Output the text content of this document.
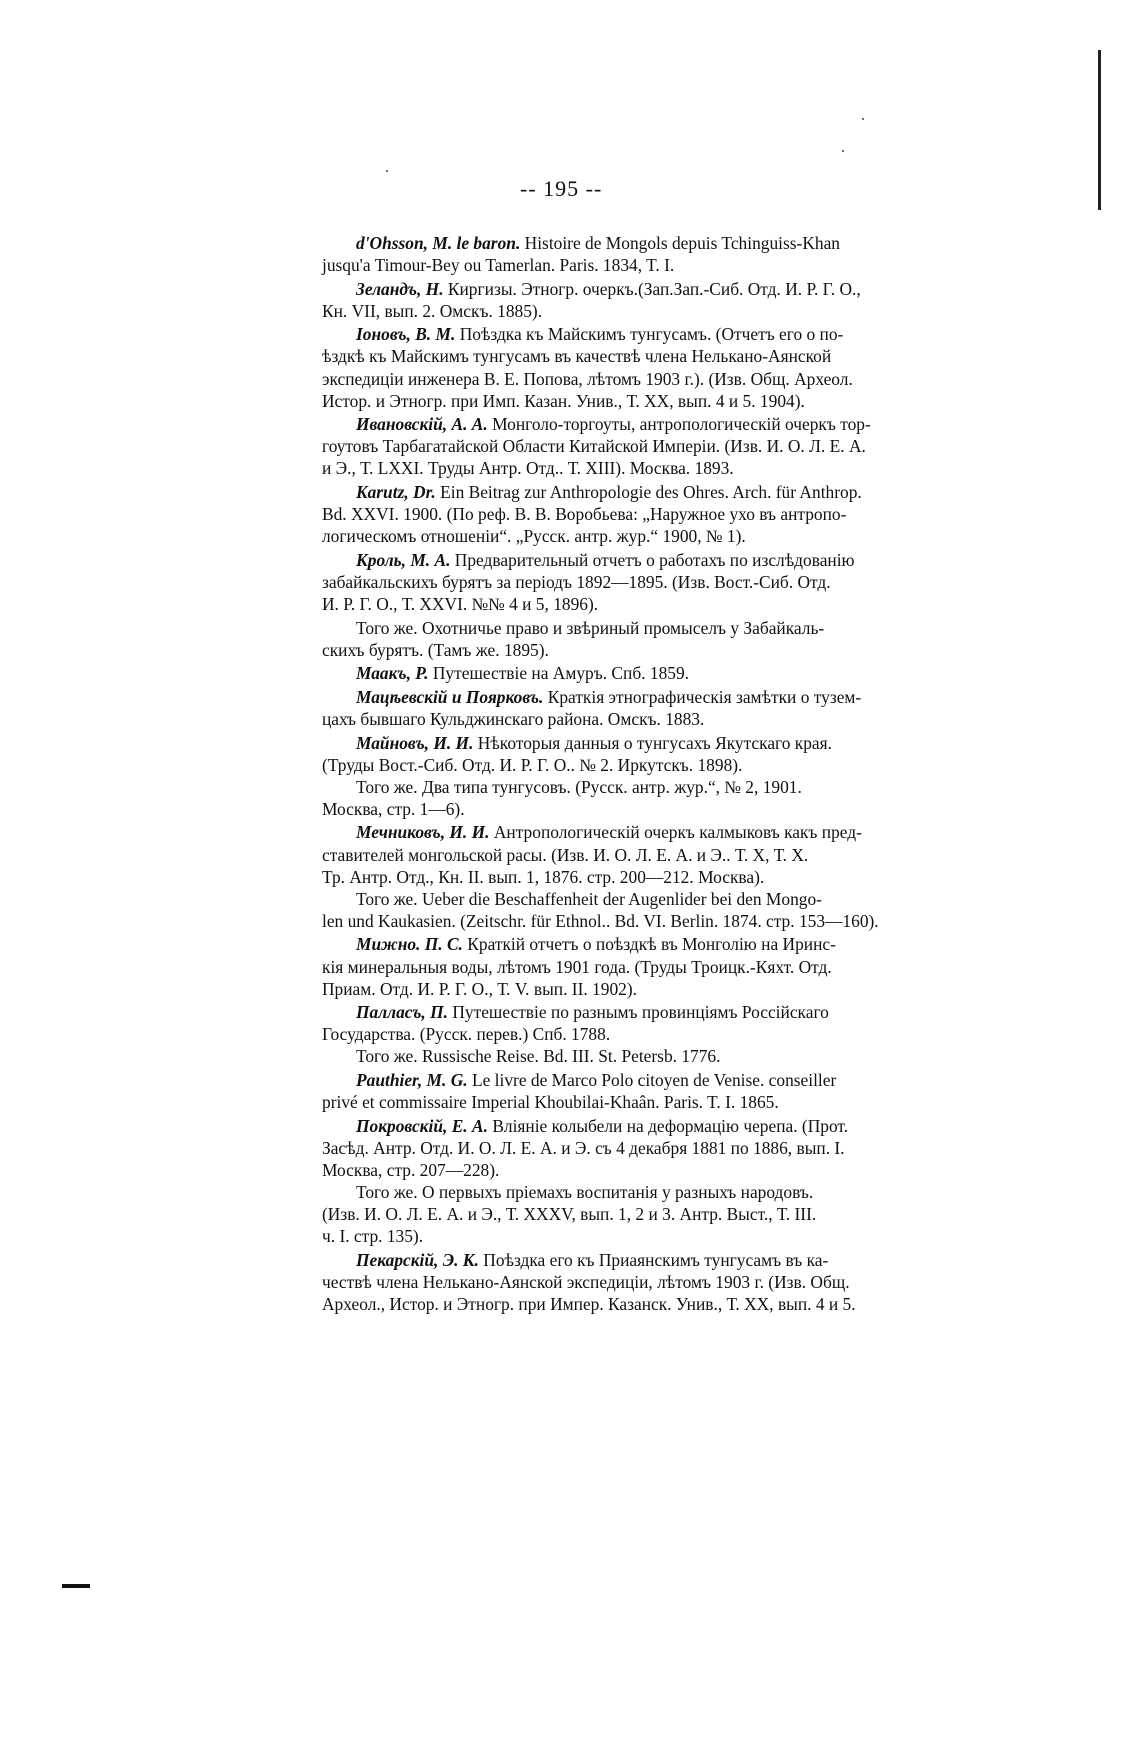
-- 195 --
d'Ohsson, M. le baron. Histoire de Mongols depuis Tchinguiss-Khan
jusqu'a Timour-Bey ou Tamerlan. Paris. 1834, T. I.
Зеландъ, Н. Киргизы. Этногр. очеркъ.(Зап.Зап.-Сиб. Отд. И. Р. Г. О.,
Кн. VII, вып. 2. Омскъ. 1885).
Іоновъ, В. М. Поѣздка къ Майскимъ тунгусамъ. (Отчетъ его о по-
ѣздкѣ къ Майскимъ тунгусамъ въ качествѣ члена Нелькано-Аянской
экспедиціи инженера В. Е. Попова, лѣтомъ 1903 г.). (Изв. Общ. Археол.
Истор. и Этногр. при Имп. Казан. Унив., Т. XX, вып. 4 и 5. 1904).
Ивановскій, А. А. Монголо-торгоуты, антропологическій очеркъ тор-
гоутовъ Тарбагатайской Области Китайской Имперіи. (Изв. И. О. Л. Е. А.
и Э., Т. LXXI. Труды Антр. Отд.. Т. XIII). Москва. 1893.
Karutz, Dr. Ein Beitrag zur Anthropologie des Ohres. Arch. für Anthrop.
Bd. XXVI. 1900. (По реф. В. В. Воробьева: „Наружное ухо въ антропо-
логическомъ отношеніи“. „Русск. антр. жур.“ 1900, № 1).
Кроль, М. А. Предварительный отчетъ о работахъ по изслѣдованію
забайкальскихъ бурятъ за періодъ 1892—1895. (Изв. Вост.-Сиб. Отд.
И. Р. Г. О., Т. XXVI. №№ 4 и 5, 1896).
Того же. Охотничье право и звѣриный промыселъ у Забайкаль-
скихъ бурятъ. (Тамъ же. 1895).
Маакъ, Р. Путешествіе на Амуръ. Спб. 1859.
Мацѣевскій и Поярковъ. Краткія этнографическія замѣтки о тузем-
цахъ бывшаго Кульджинскаго района. Омскъ. 1883.
Майновъ, И. И. Нѣкоторыя данныя о тунгусахъ Якутскаго края.
(Труды Вост.-Сиб. Отд. И. Р. Г. О.. № 2. Иркутскъ. 1898).
Того же. Два типа тунгусовъ. (Русск. антр. жур.“, № 2, 1901.
Москва, стр. 1—6).
Мечниковъ, И. И. Антропологическій очеркъ калмыковъ какъ пред-
ставителей монгольской расы. (Изв. И. О. Л. Е. А. и Э.. Т. X, Т. X.
Тр. Антр. Отд., Кн. II. вып. 1, 1876. стр. 200—212. Москва).
Того же. Ueber die Beschaffenheit der Augenlider bei den Mongo-
len und Kaukasien. (Zeitschr. für Ethnol.. Bd. VI. Berlin. 1874. стр. 153—160).
Мижно. П. С. Краткій отчетъ о поѣздкѣ въ Монголію на Иринс-
кія минеральныя воды, лѣтомъ 1901 года. (Труды Троицк.-Кяхт. Отд.
Приам. Отд. И. Р. Г. О., Т. V. вып. II. 1902).
Палласъ, П. Путешествіе по разнымъ провинціямъ Россійскаго
Государства. (Русск. перев.) Спб. 1788.
Того же. Russische Reise. Bd. III. St. Petersb. 1776.
Pauthier, M. G. Le livre de Marco Polo citoyen de Venise. conseiller
privé et commissaire Imperial Khoubilai-Khaân. Paris. T. I. 1865.
Покровскій, Е. А. Вліяніе колыбели на деформацію черепа. (Прот.
Засѣд. Антр. Отд. И. О. Л. Е. А. и Э. съ 4 декабря 1881 по 1886, вып. I.
Москва, стр. 207—228).
Того же. О первыхъ пріемахъ воспитанія у разныхъ народовъ.
(Изв. И. О. Л. Е. А. и Э., Т. XXXV, вып. 1, 2 и 3. Антр. Выст., Т. III.
ч. I. стр. 135).
Пекарскій, Э. К. Поѣздка его къ Приаянскимъ тунгусамъ въ ка-
чествѣ члена Нелькано-Аянской экспедиціи, лѣтомъ 1903 г. (Изв. Общ.
Археол., Истор. и Этногр. при Импер. Казанск. Унив., Т. XX, вып. 4 и 5.
